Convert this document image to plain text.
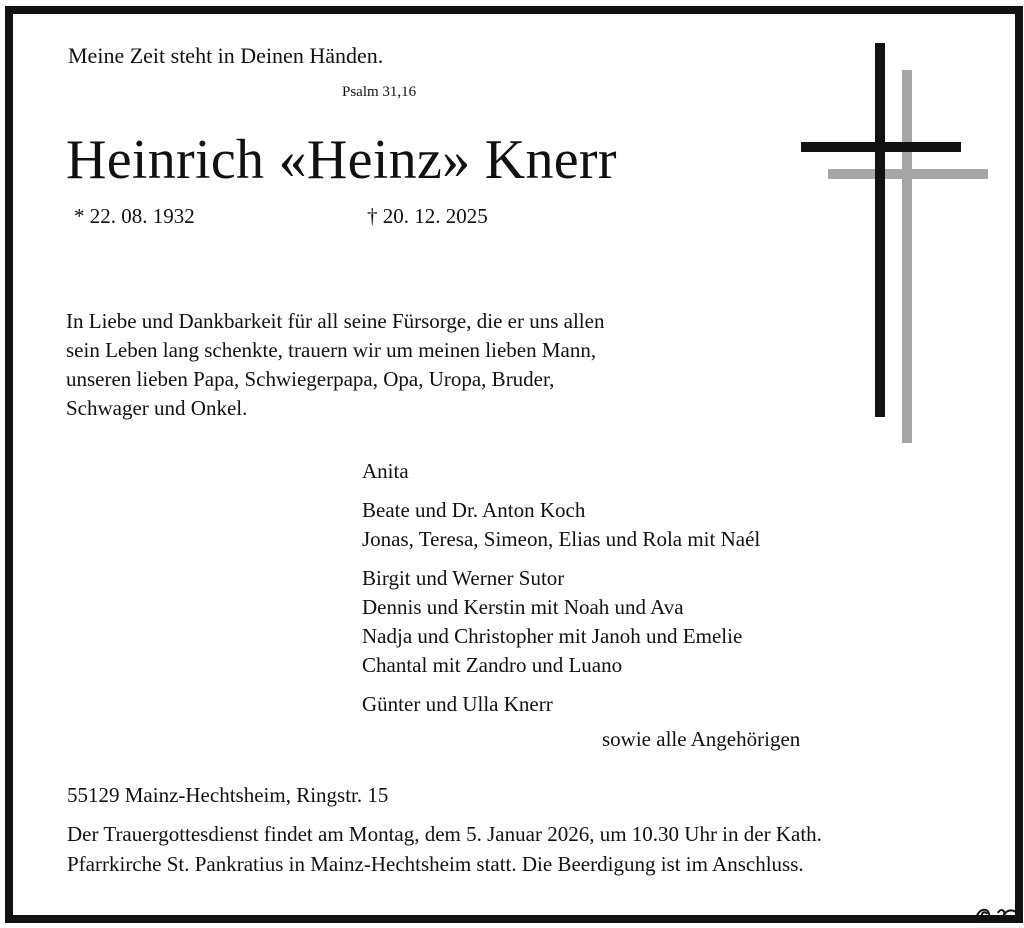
Meine Zeit steht in Deinen Händen.
Psalm 31,16
Heinrich «Heinz» Knerr
* 22. 08. 1932	† 20. 12. 2025
In Liebe und Dankbarkeit für all seine Fürsorge, die er uns allen
sein Leben lang schenkte, trauern wir um meinen lieben Mann,
unseren lieben Papa, Schwiegerpapa, Opa, Uropa, Bruder,
Schwager und Onkel.
Anita
Beate und Dr. Anton Koch
Jonas, Teresa, Simeon, Elias und Rola mit Naél
Birgit und Werner Sutor
Dennis und Kerstin mit Noah und Ava
Nadja und Christopher mit Janoh und Emelie
Chantal mit Zandro und Luano
Günter und Ulla Knerr
sowie alle Angehörigen
55129 Mainz-Hechtsheim, Ringstr. 15
Der Trauergottesdienst findet am Montag, dem 5. Januar 2026, um 10.30 Uhr in der Kath.
Pfarrkirche St. Pankratius in Mainz-Hechtsheim statt. Die Beerdigung ist im Anschluss.
